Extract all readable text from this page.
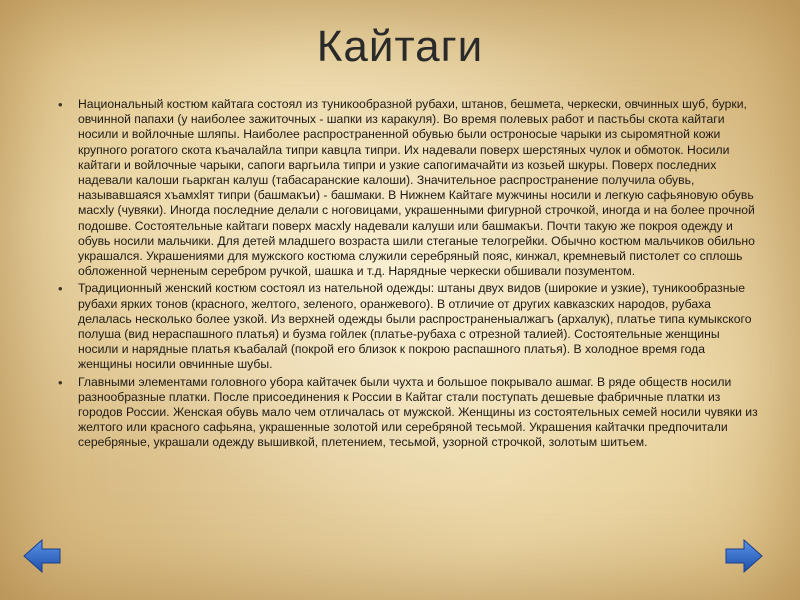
Кайтаги
• Национальный костюм кайтага состоял из туникообразной рубахи, штанов, бешмета, черкески, овчинных шуб, бурки, овчинной папахи (у наиболее зажиточных - шапки из каракуля). Во время полевых работ и пастьбы скота кайтаги носили и войлочные шляпы. Наиболее распространенной обувью были остроносые чарыки из сыромятной кожи крупного рогатого скота къачалайла типри кавцла типри. Их надевали поверх шерстяных чулок и обмоток. Носили кайтаги и войлочные чарыки, сапоги варгьила типри и узкие сапогимачайти из козьей шкуры. Поверх последних надевали калоши гьаркган калуш (табасаранские калоши). Значительное распространение получила обувь, называвшаяся хъамхlят типри (башмакъи) - башмаки. В Нижнем Кайтаге мужчины носили и легкую сафьяновую обувь масхlу (чувяки). Иногда последние делали с ноговицами, украшенными фигурной строчкой, иногда и на более прочной подошве. Состоятельные кайтаги поверх масхlу надевали калуши или башмакъи. Почти такую же покроя одежду и обувь носили мальчики. Для детей младшего возраста шили стеганые телогрейки. Обычно костюм мальчиков обильно украшался. Украшениями для мужского костюма служили серебряный пояс, кинжал, кремневый пистолет со сплошь обложенной черненым серебром ручкой, шашка и т.д. Нарядные черкески обшивали позументом.
• Традиционный женский костюм состоял из нательной одежды: штаны двух видов (широкие и узкие), туникообразные рубахи ярких тонов (красного, желтого, зеленого, оранжевого). В отличие от других кавказских народов, рубаха делалась несколько более узкой. Из верхней одежды были распространеныалжагъ (архалук), платье типа кумыкского полуша (вид нераспашного платья) и бузма гойлек (платье-рубаха с отрезной талией). Состоятельные женщины носили и нарядные платья къабалай (покрой его близок к покрою распашного платья). В холодное время года женщины носили овчинные шубы.
• Главными элементами головного убора кайтачек были чухта и большое покрывало ашмаг. В ряде обществ носили разнообразные платки. После присоединения к России в Кайтаг стали поступать дешевые фабричные платки из городов России. Женская обувь мало чем отличалась от мужской. Женщины из состоятельных семей носили чувяки из желтого или красного сафьяна, украшенные золотой или серебряной тесьмой. Украшения кайтачки предпочитали серебряные, украшали одежду вышивкой, плетением, тесьмой, узорной строчкой, золотым шитьем.
